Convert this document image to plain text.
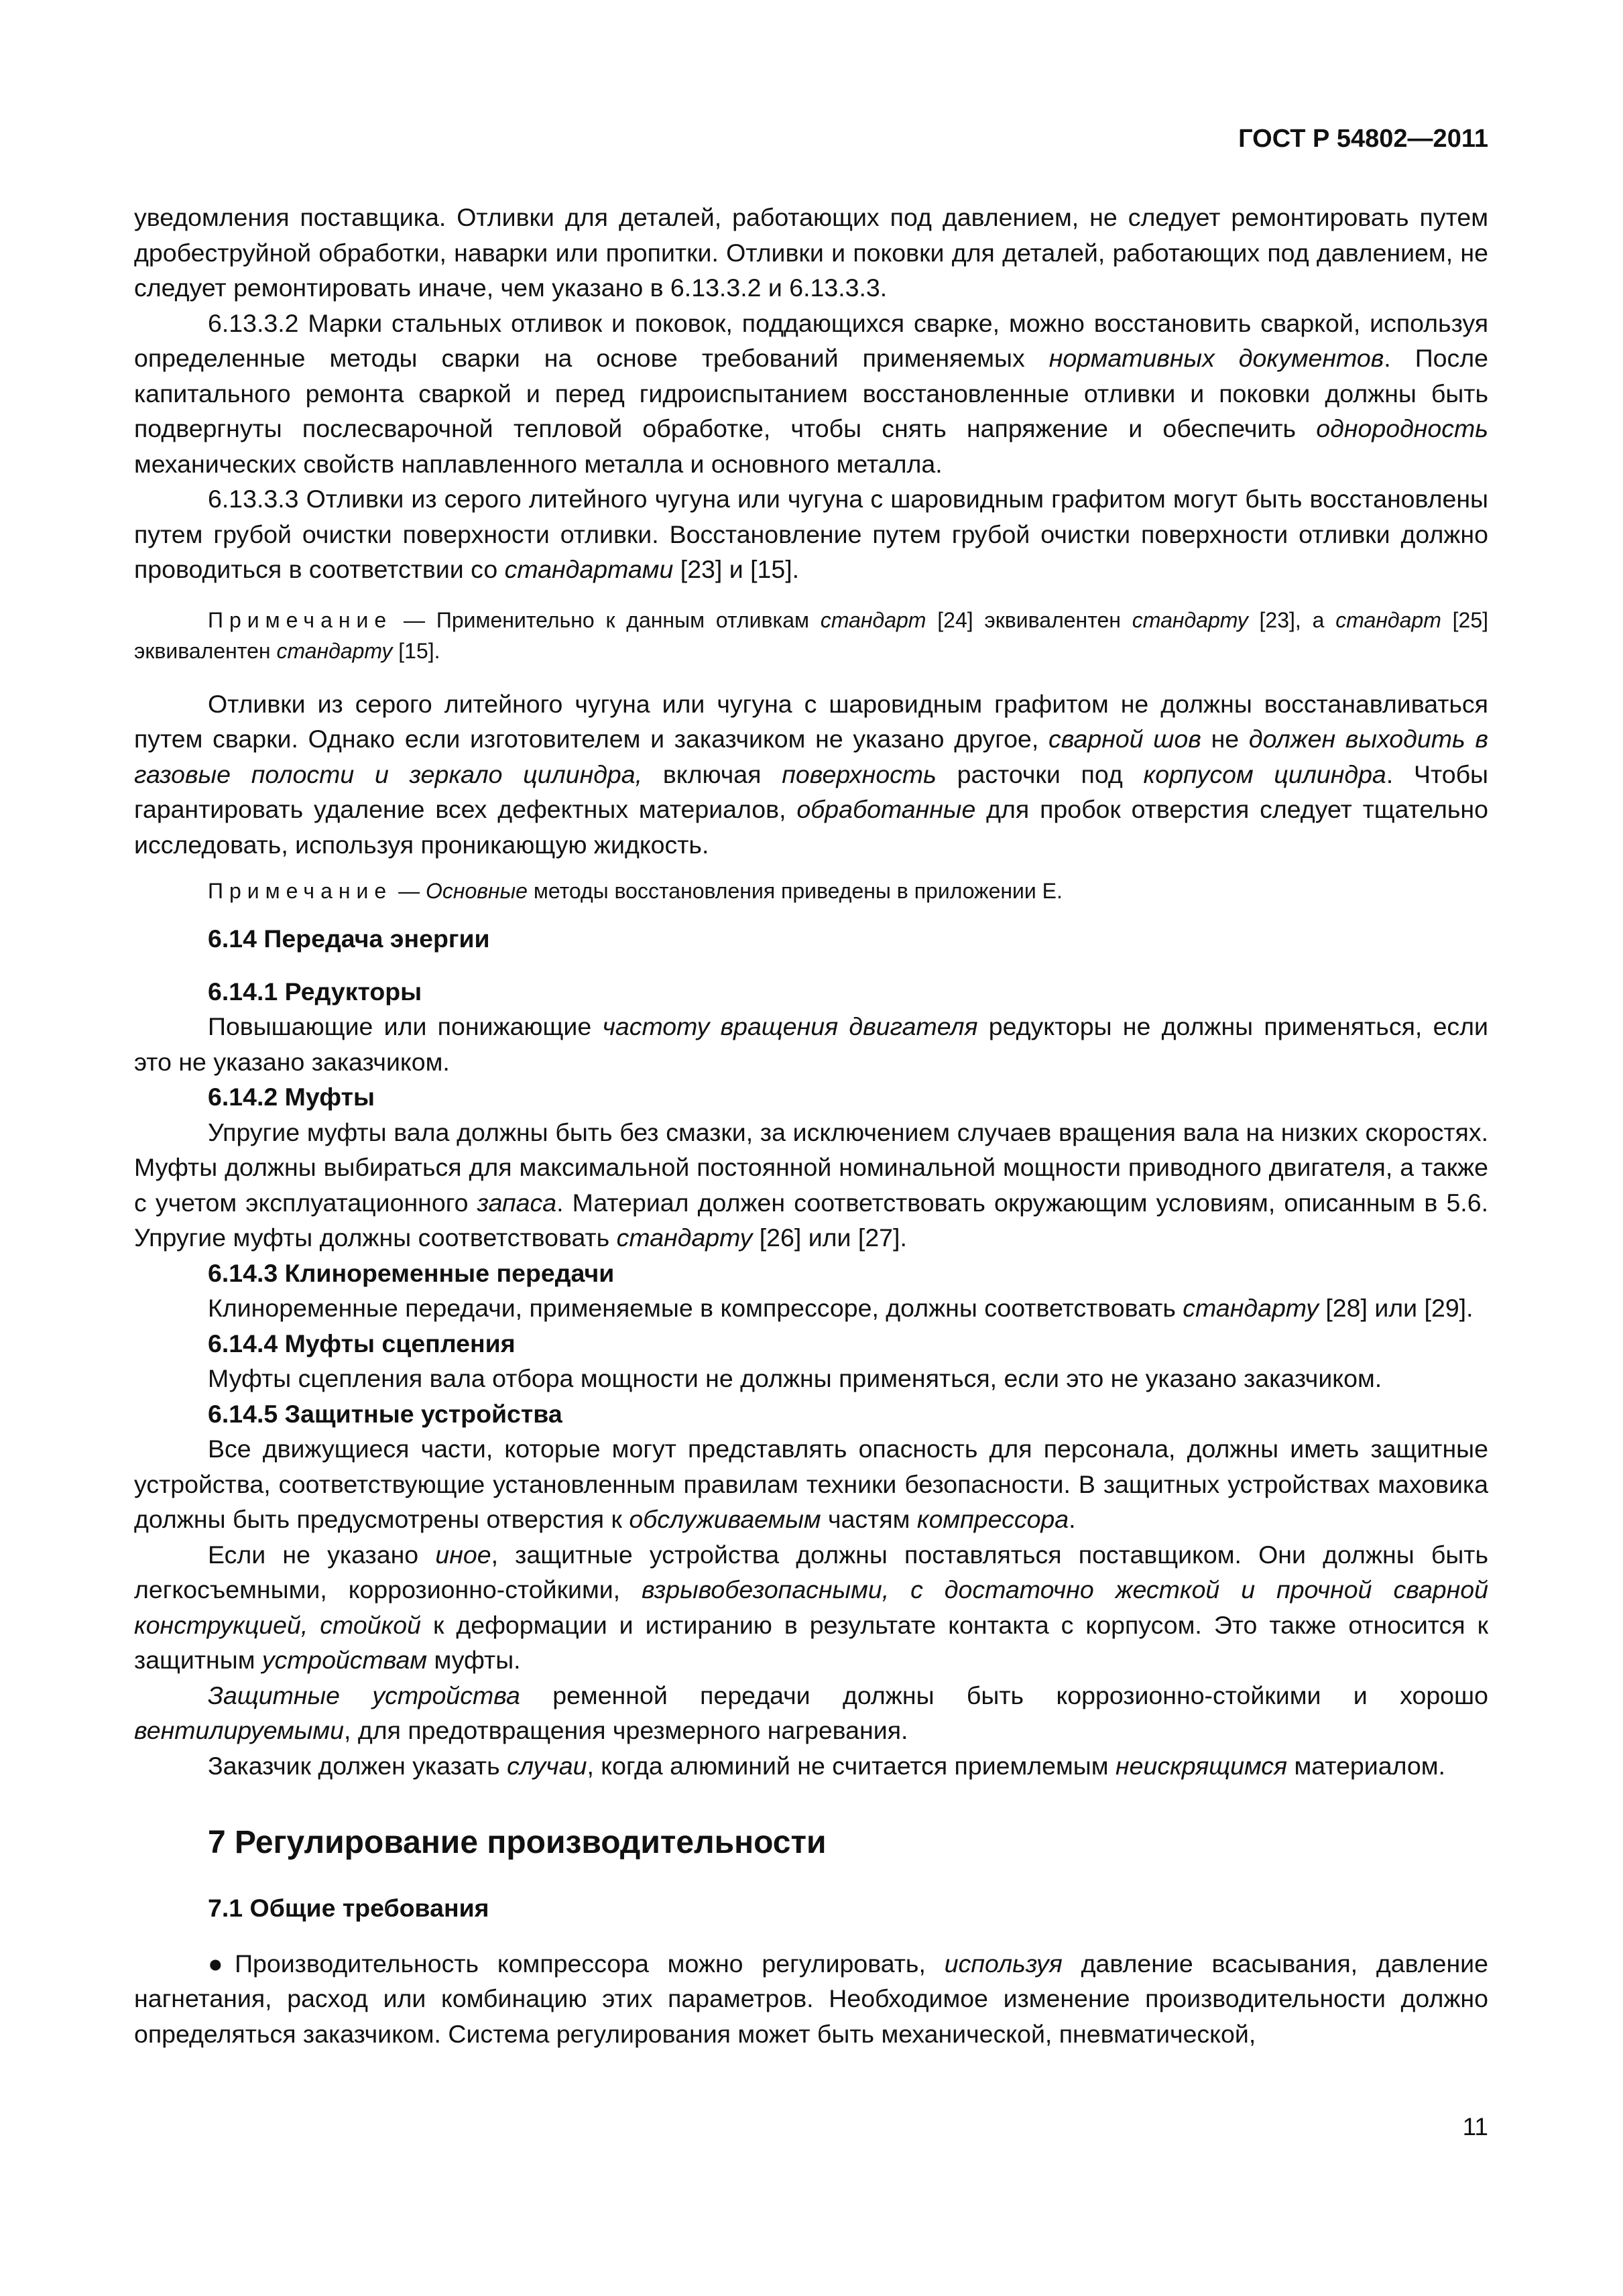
ГОСТ Р 54802—2011

уведомления поставщика. Отливки для деталей, работающих под давлением, не следует ремонтировать путем дробеструйной обработки, наварки или пропитки. Отливки и поковки для деталей, работающих под давлением, не следует ремонтировать иначе, чем указано в 6.13.3.2 и 6.13.3.3.

6.13.3.2 Марки стальных отливок и поковок, поддающихся сварке, можно восстановить сваркой, используя определенные методы сварки на основе требований применяемых нормативных документов. После капитального ремонта сваркой и перед гидроиспытанием восстановленные отливки и поковки должны быть подвергнуты послесварочной тепловой обработке, чтобы снять напряжение и обеспечить однородность механических свойств наплавленного металла и основного металла.

6.13.3.3 Отливки из серого литейного чугуна или чугуна с шаровидным графитом могут быть восстановлены путем грубой очистки поверхности отливки. Восстановление путем грубой очистки поверхности отливки должно проводиться в соответствии со стандартами [23] и [15].

Примечание — Применительно к данным отливкам стандарт [24] эквивалентен стандарту [23], а стандарт [25] эквивалентен стандарту [15].

Отливки из серого литейного чугуна или чугуна с шаровидным графитом не должны восстанавливаться путем сварки. Однако если изготовителем и заказчиком не указано другое, сварной шов не должен выходить в газовые полости и зеркало цилиндра, включая поверхность расточки под корпусом цилиндра. Чтобы гарантировать удаление всех дефектных материалов, обработанные для пробок отверстия следует тщательно исследовать, используя проникающую жидкость.

Примечание — Основные методы восстановления приведены в приложении Е.

6.14 Передача энергии
6.14.1 Редукторы

Повышающие или понижающие частоту вращения двигателя редукторы не должны применяться, если это не указано заказчиком.

6.14.2 Муфты

Упругие муфты вала должны быть без смазки, за исключением случаев вращения вала на низких скоростях. Муфты должны выбираться для максимальной постоянной номинальной мощности приводного двигателя, а также с учетом эксплуатационного запаса. Материал должен соответствовать окружающим условиям, описанным в 5.6. Упругие муфты должны соответствовать стандарту [26] или [27].

6.14.3 Клиноременные передачи

Клиноременные передачи, применяемые в компрессоре, должны соответствовать стандарту [28] или [29].

6.14.4 Муфты сцепления

Муфты сцепления вала отбора мощности не должны применяться, если это не указано заказчиком.

6.14.5 Защитные устройства

Все движущиеся части, которые могут представлять опасность для персонала, должны иметь защитные устройства, соответствующие установленным правилам техники безопасности. В защитных устройствах маховика должны быть предусмотрены отверстия к обслуживаемым частям компрессора.

Если не указано иное, защитные устройства должны поставляться поставщиком. Они должны быть легкосъемными, коррозионно-стойкими, взрывобезопасными, с достаточно жесткой и прочной сварной конструкцией, стойкой к деформации и истиранию в результате контакта с корпусом. Это также относится к защитным устройствам муфты.

Защитные устройства ременной передачи должны быть коррозионно-стойкими и хорошо вентилируемыми, для предотвращения чрезмерного нагревания.

Заказчик должен указать случаи, когда алюминий не считается приемлемым неискрящимся материалом.

7 Регулирование производительности
7.1 Общие требования

●Производительность компрессора можно регулировать, используя давление всасывания, давление нагнетания, расход или комбинацию этих параметров. Необходимое изменение производительности должно определяться заказчиком. Система регулирования может быть механической, пневматической,

11
